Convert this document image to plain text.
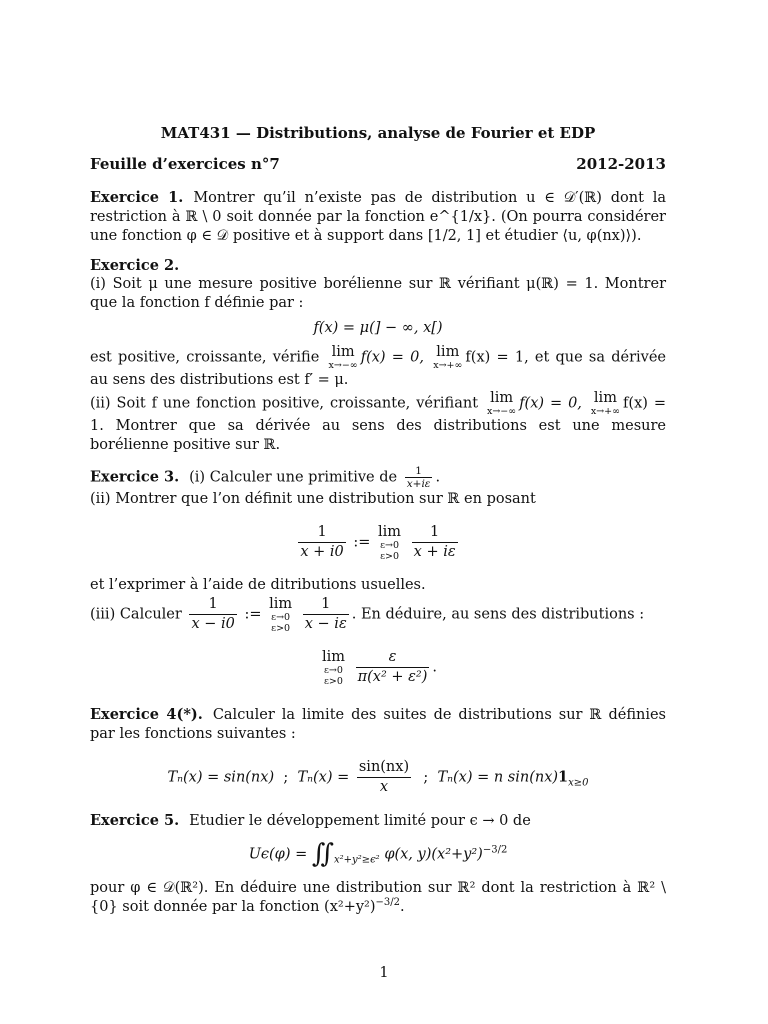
MAT431 — Distributions, analyse de Fourier et EDP
Feuille d’exercices n°7	2012-2013

Exercice 1. Montrer qu’il n’existe pas de distribution u ∈ 𝒟′(ℝ) dont la restriction à ℝ \ 0 soit donnée par la fonction e^{1/x}. (On pourra considérer une fonction φ ∈ 𝒟 positive et à support dans [1/2, 1] et étudier ⟨u, φ(nx)⟩).

Exercice 2.

(i) Soit μ une mesure positive borélienne sur ℝ vérifiant μ(ℝ) = 1. Montrer que la fonction f définie par :

f(x) = μ(] − ∞, x[)

est positive, croissante, vérifie lim
x→−∞ f(x) = 0, lim
x→+∞ f(x) = 1, et que sa dérivée au sens des distributions est f′ = μ.

(ii) Soit f une fonction positive, croissante, vérifiant lim
x→−∞ f(x) = 0, lim
x→+∞ f(x) = 1. Montrer que sa dérivée au sens des distributions est une mesure borélienne positive sur ℝ.

Exercice 3. (i) Calculer une primitive de $\frac{1}{x+i\varepsilon}$ .

(ii) Montrer que l’on définit une distribution sur ℝ en posant

$\frac{1}{x + i0}$ :=
lim
ε→0
ε>0
$\frac{1}{x + i\varepsilon}$

et l’exprimer à l’aide de ditributions usuelles.

(iii) Calculer $\frac{1}{x - i0}$ :=
lim
ε→0
ε>0
$\frac{1}{x - i\varepsilon}$ . En déduire, au sens des distributions :

lim
ε→0
ε>0
$\frac{\varepsilon}{\text{π(x² + ε²)}}$ .

Exercice 4(*). Calculer la limite des suites de distributions sur ℝ définies par les fonctions suivantes :

Tₙ(x) = sin(nx) ; $T_n(x) = \frac{\sin(nx)}{x}$ ; Tₙ(x) = n $\sin(nx)1_{x\ge 0}$

Exercice 5. Etudier le développement limité pour ϵ → 0 de

$U\epsilon(\varphi) = ∬_{x^2+y^2\ge\epsilon^2}$ φ(x, $y)(x^2+y^2)^{-3/2}$

pour φ ∈ 𝒟(ℝ²). En déduire une distribution sur ℝ² dont la restriction à ℝ² \ {0} soit donnée par la fonction $(x^2+y^2)^{-3/2}$.

1
